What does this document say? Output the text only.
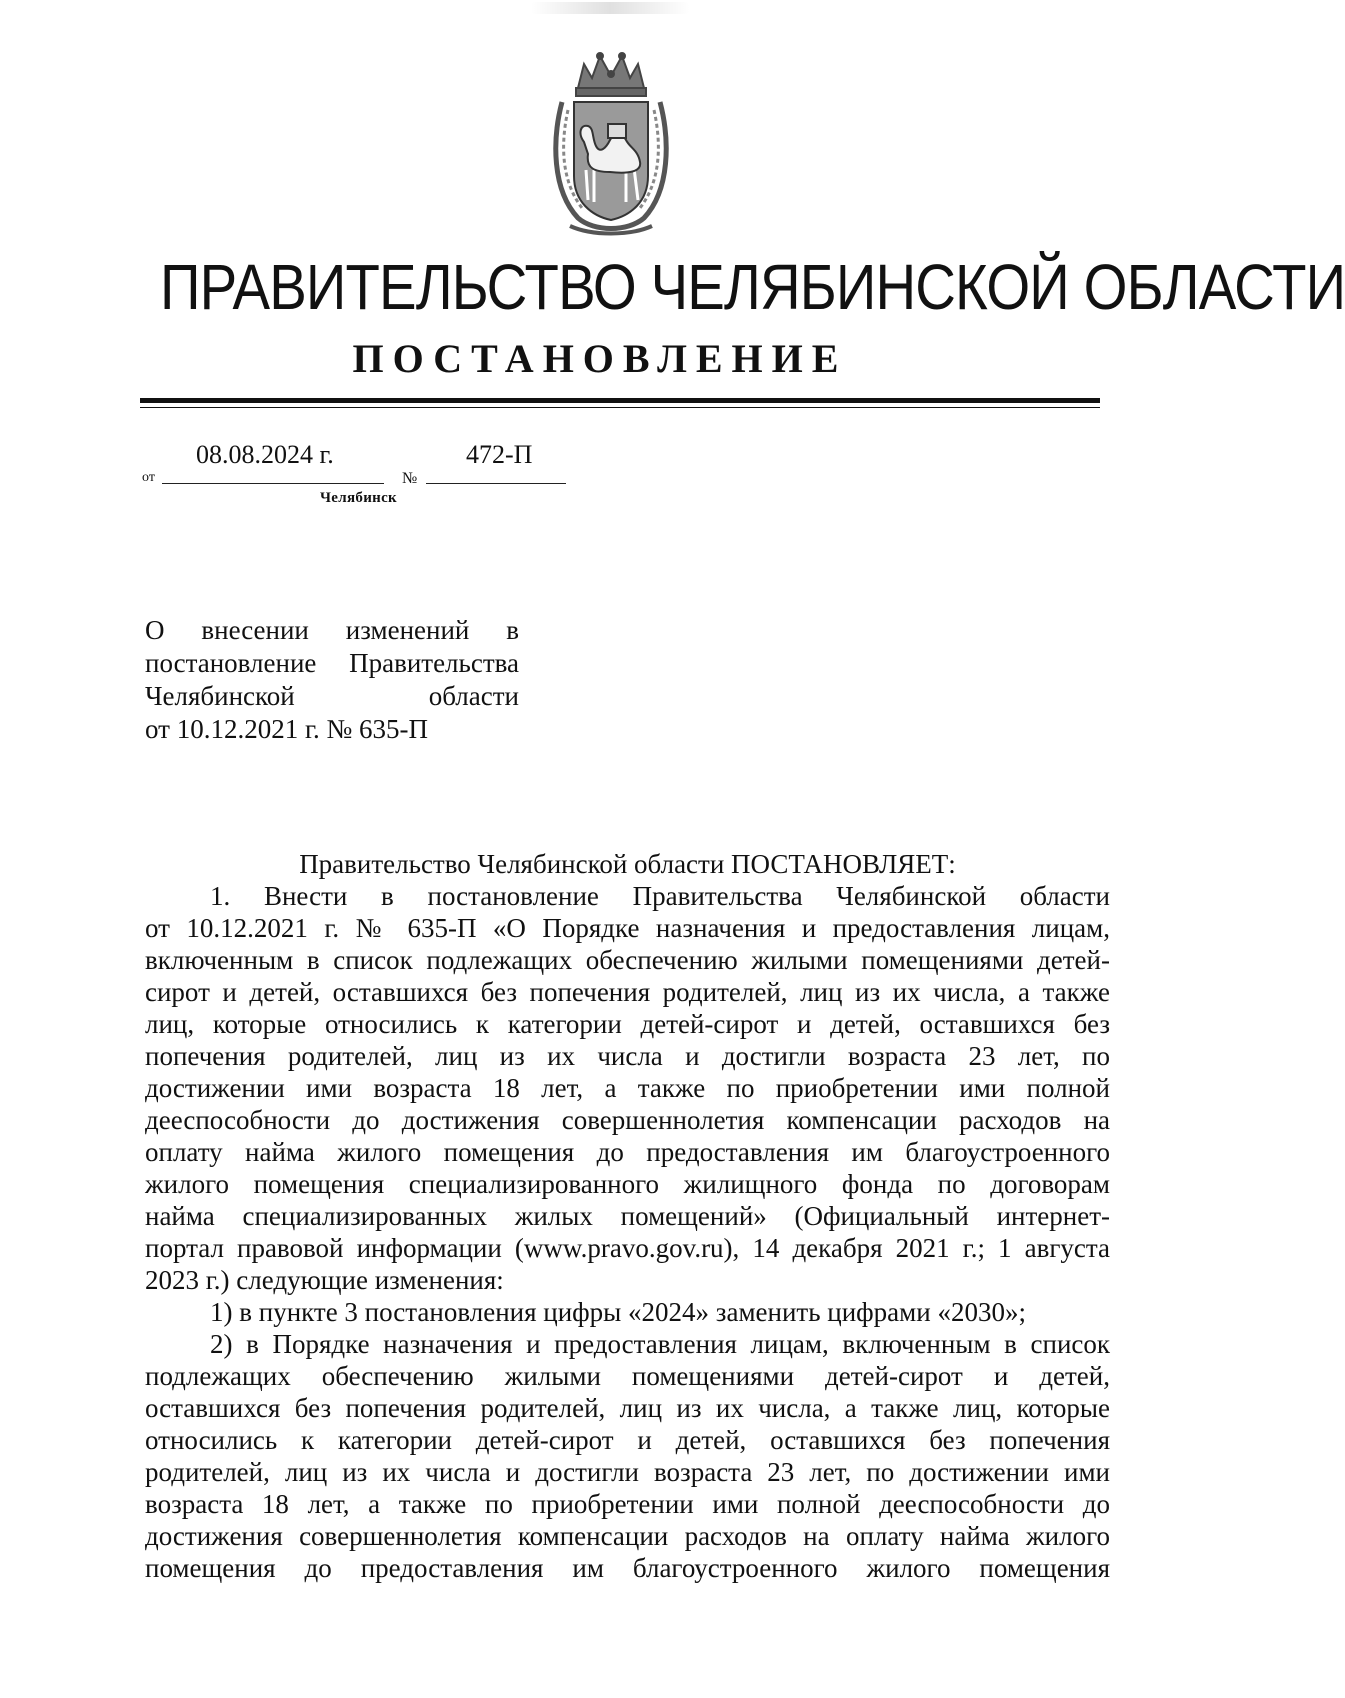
ПРАВИТЕЛЬСТВО ЧЕЛЯБИНСКОЙ ОБЛАСТИ
ПОСТАНОВЛЕНИЕ
от
08.08.2024 г.
№
472-П
Челябинск
О внесении изменений в
постановление Правительства
Челябинской области
от 10.12.2021 г. № 635-П
Правительство Челябинской области ПОСТАНОВЛЯЕТ:
1. Внести в постановление Правительства Челябинской области
от 10.12.2021 г. № 635-П «О Порядке назначения и предоставления лицам,
включенным в список подлежащих обеспечению жилыми помещениями детей-
сирот и детей, оставшихся без попечения родителей, лиц из их числа, а также
лиц, которые относились к категории детей-сирот и детей, оставшихся без
попечения родителей, лиц из их числа и достигли возраста 23 лет, по
достижении ими возраста 18 лет, а также по приобретении ими полной
дееспособности до достижения совершеннолетия компенсации расходов на
оплату найма жилого помещения до предоставления им благоустроенного
жилого помещения специализированного жилищного фонда по договорам
найма специализированных жилых помещений» (Официальный интернет-
портал правовой информации (www.pravo.gov.ru), 14 декабря 2021 г.; 1 августа
2023 г.) следующие изменения:
1) в пункте 3 постановления цифры «2024» заменить цифрами «2030»;
2) в Порядке назначения и предоставления лицам, включенным в список
подлежащих обеспечению жилыми помещениями детей-сирот и детей,
оставшихся без попечения родителей, лиц из их числа, а также лиц, которые
относились к категории детей-сирот и детей, оставшихся без попечения
родителей, лиц из их числа и достигли возраста 23 лет, по достижении ими
возраста 18 лет, а также по приобретении ими полной дееспособности до
достижения совершеннолетия компенсации расходов на оплату найма жилого
помещения до предоставления им благоустроенного жилого помещения
